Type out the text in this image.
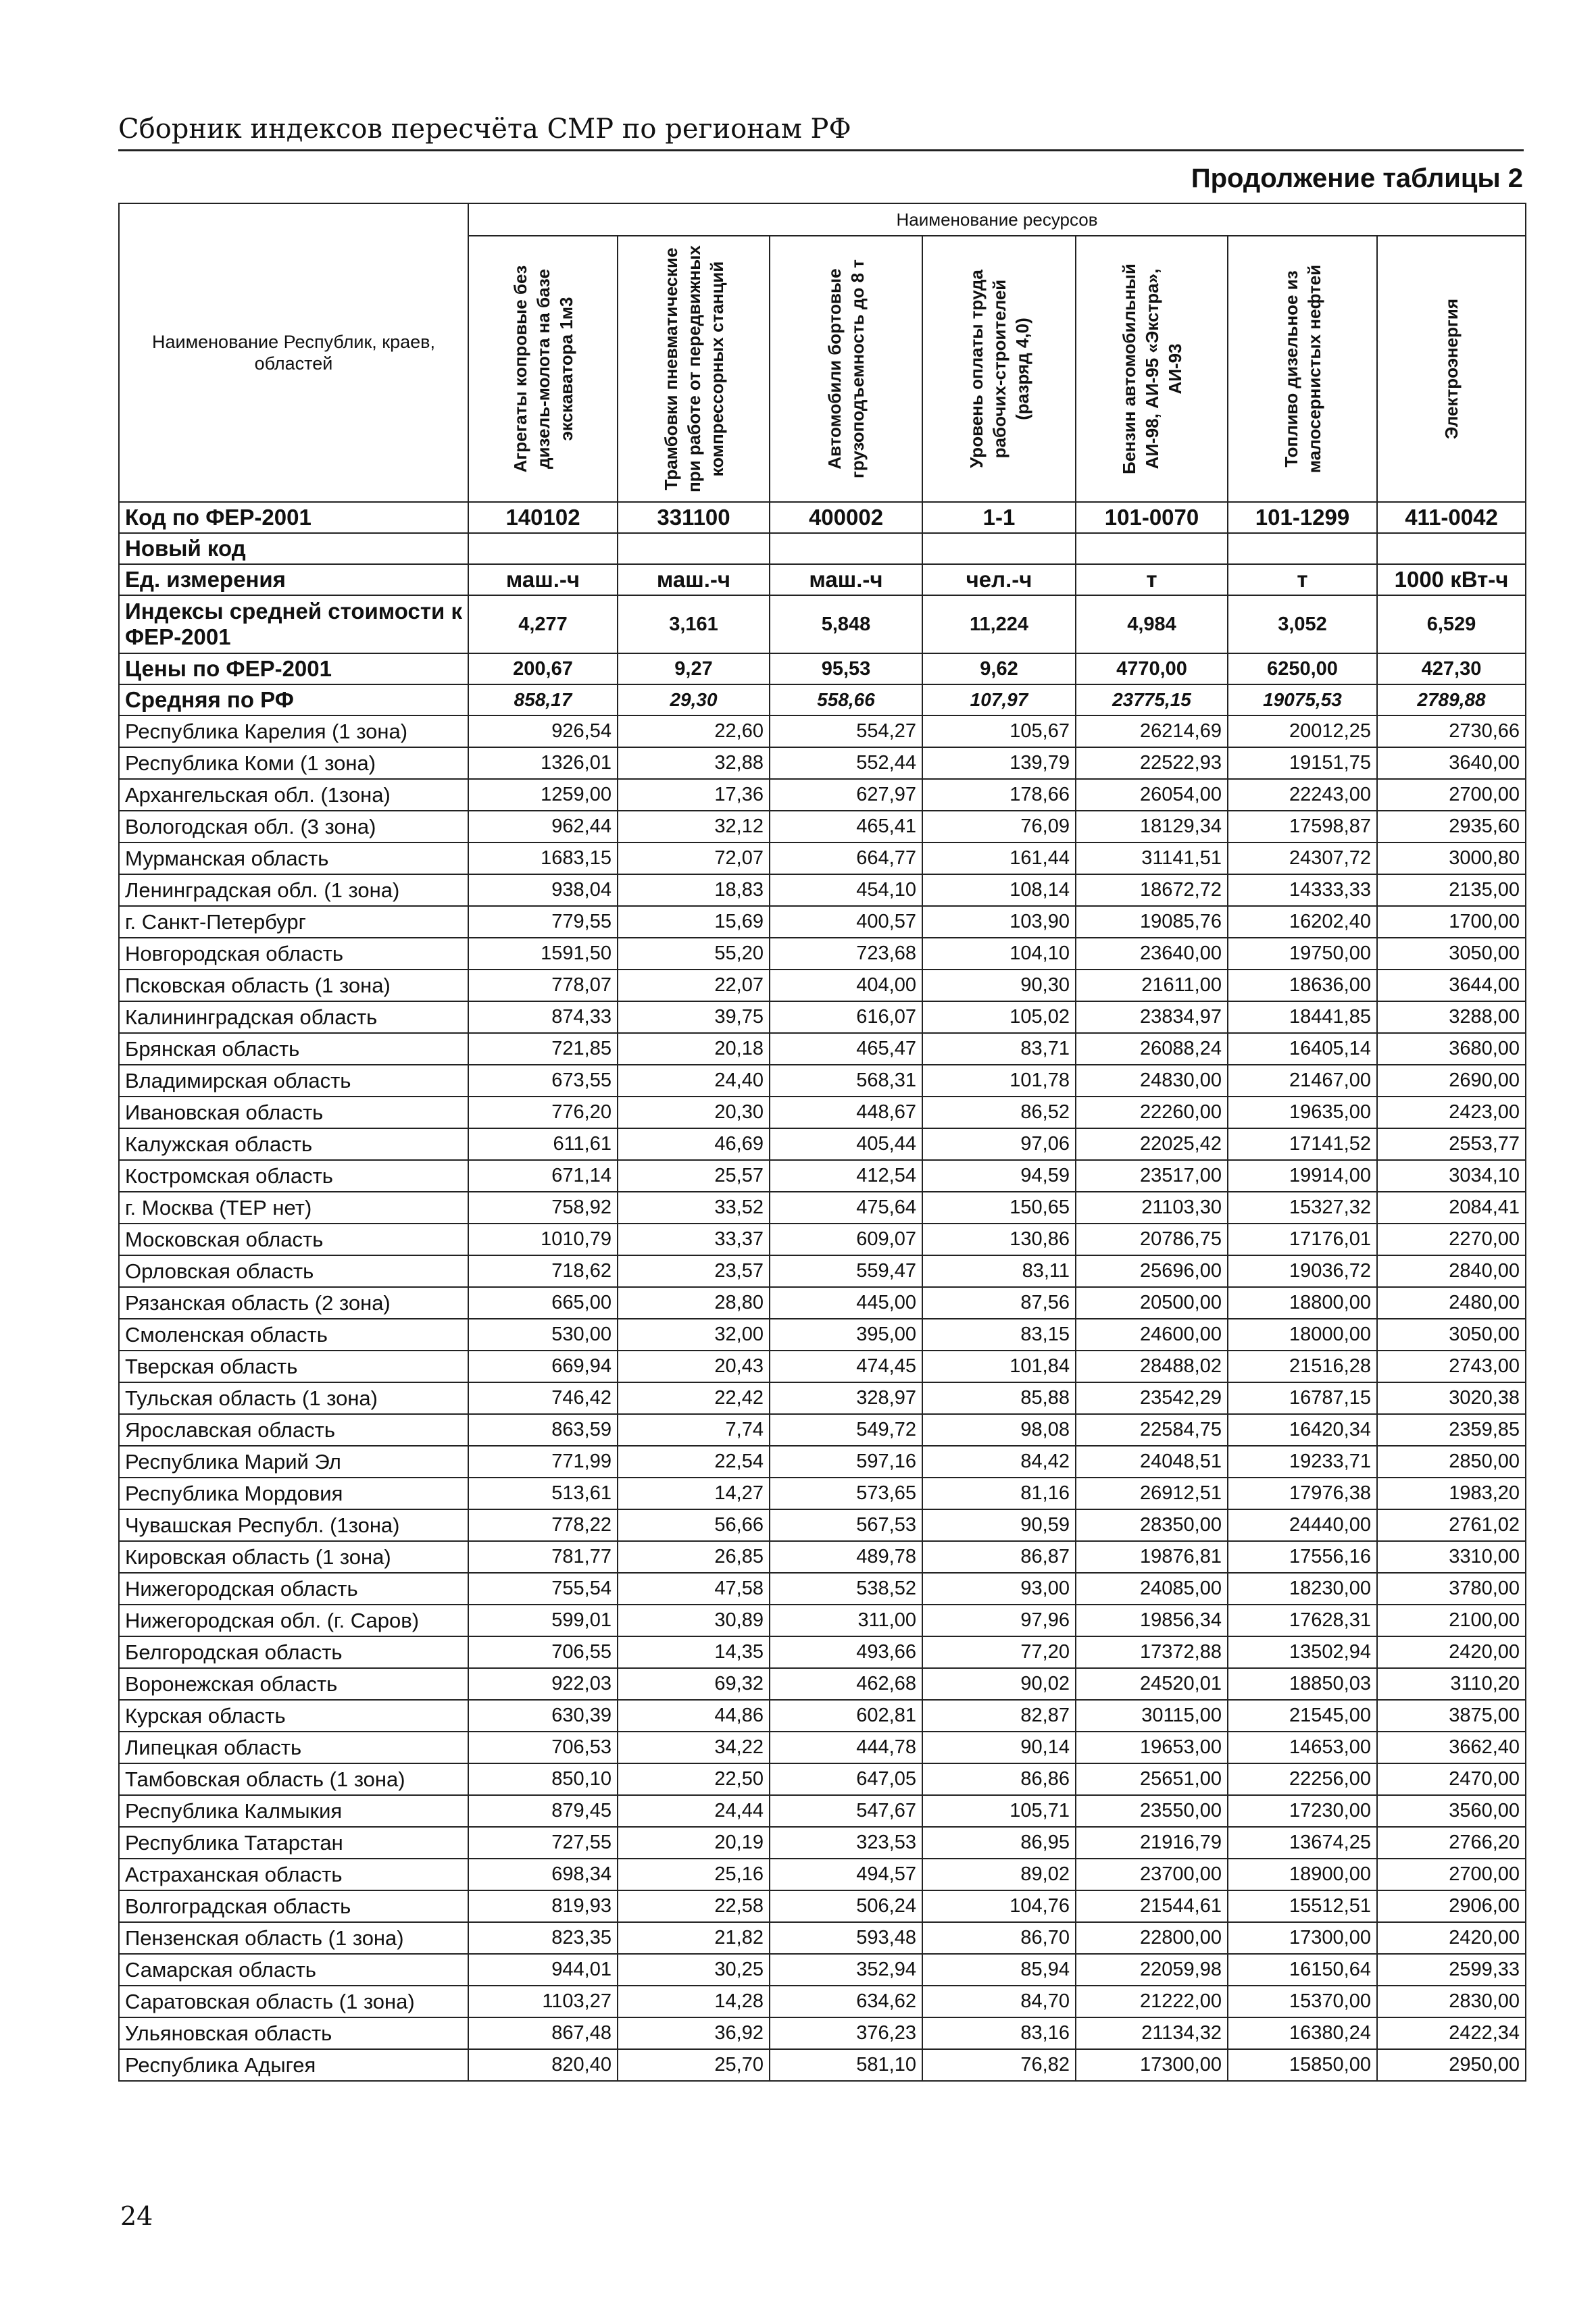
Сборник индексов пересчёта СМР по регионам РФ
Продолжение таблицы 2
Наименование Республик, краев, областей	Наименование ресурсов						

	Агрегаты копровые без дизель-молота на базе экскаватора 1м3	Трамбовки пневматические при работе от передвижных компрессорных станций	Автомобили бортовые грузоподъемность до 8 т	Уровень оплаты труда рабочих-строителей (разряд 4,0)	Бензин автомобильный АИ-98, АИ-95 «Экстра», АИ-93	Топливо дизельное из малосернистых нефтей	Электроэнергия

Код по ФЕР-2001	140102	331100	400002	1-1	101-0070	101-1299	411-0042
Новый код							
Ед. измерения	маш.-ч	маш.-ч	маш.-ч	чел.-ч	т	т	1000 кВт-ч
Индексы средней стоимости к ФЕР-2001	4,277	3,161	5,848	11,224	4,984	3,052	6,529
Цены по ФЕР-2001	200,67	9,27	95,53	9,62	4770,00	6250,00	427,30
Средняя по РФ	858,17	29,30	558,66	107,97	23775,15	19075,53	2789,88
Республика Карелия (1 зона)	926,54	22,60	554,27	105,67	26214,69	20012,25	2730,66
Республика Коми (1 зона)	1326,01	32,88	552,44	139,79	22522,93	19151,75	3640,00
Архангельская обл. (1зона)	1259,00	17,36	627,97	178,66	26054,00	22243,00	2700,00
Вологодская обл. (3 зона)	962,44	32,12	465,41	76,09	18129,34	17598,87	2935,60
Мурманская область	1683,15	72,07	664,77	161,44	31141,51	24307,72	3000,80
Ленинградская обл. (1 зона)	938,04	18,83	454,10	108,14	18672,72	14333,33	2135,00
г. Санкт-Петербург	779,55	15,69	400,57	103,90	19085,76	16202,40	1700,00
Новгородская область	1591,50	55,20	723,68	104,10	23640,00	19750,00	3050,00
Псковская область (1 зона)	778,07	22,07	404,00	90,30	21611,00	18636,00	3644,00
Калининградская область	874,33	39,75	616,07	105,02	23834,97	18441,85	3288,00
Брянская область	721,85	20,18	465,47	83,71	26088,24	16405,14	3680,00
Владимирская область	673,55	24,40	568,31	101,78	24830,00	21467,00	2690,00
Ивановская область	776,20	20,30	448,67	86,52	22260,00	19635,00	2423,00
Калужская область	611,61	46,69	405,44	97,06	22025,42	17141,52	2553,77
Костромская область	671,14	25,57	412,54	94,59	23517,00	19914,00	3034,10
г. Москва (ТЕР нет)	758,92	33,52	475,64	150,65	21103,30	15327,32	2084,41
Московская область	1010,79	33,37	609,07	130,86	20786,75	17176,01	2270,00
Орловская область	718,62	23,57	559,47	83,11	25696,00	19036,72	2840,00
Рязанская область (2 зона)	665,00	28,80	445,00	87,56	20500,00	18800,00	2480,00
Смоленская область	530,00	32,00	395,00	83,15	24600,00	18000,00	3050,00
Тверская область	669,94	20,43	474,45	101,84	28488,02	21516,28	2743,00
Тульская область (1 зона)	746,42	22,42	328,97	85,88	23542,29	16787,15	3020,38
Ярославская область	863,59	7,74	549,72	98,08	22584,75	16420,34	2359,85
Республика Марий Эл	771,99	22,54	597,16	84,42	24048,51	19233,71	2850,00
Республика Мордовия	513,61	14,27	573,65	81,16	26912,51	17976,38	1983,20
Чувашская Республ. (1зона)	778,22	56,66	567,53	90,59	28350,00	24440,00	2761,02
Кировская область (1 зона)	781,77	26,85	489,78	86,87	19876,81	17556,16	3310,00
Нижегородская область	755,54	47,58	538,52	93,00	24085,00	18230,00	3780,00
Нижегородская обл. (г. Саров)	599,01	30,89	311,00	97,96	19856,34	17628,31	2100,00
Белгородская область	706,55	14,35	493,66	77,20	17372,88	13502,94	2420,00
Воронежская область	922,03	69,32	462,68	90,02	24520,01	18850,03	3110,20
Курская область	630,39	44,86	602,81	82,87	30115,00	21545,00	3875,00
Липецкая область	706,53	34,22	444,78	90,14	19653,00	14653,00	3662,40
Тамбовская область (1 зона)	850,10	22,50	647,05	86,86	25651,00	22256,00	2470,00
Республика Калмыкия	879,45	24,44	547,67	105,71	23550,00	17230,00	3560,00
Республика Татарстан	727,55	20,19	323,53	86,95	21916,79	13674,25	2766,20
Астраханская область	698,34	25,16	494,57	89,02	23700,00	18900,00	2700,00
Волгоградская область	819,93	22,58	506,24	104,76	21544,61	15512,51	2906,00
Пензенская область (1 зона)	823,35	21,82	593,48	86,70	22800,00	17300,00	2420,00
Самарская область	944,01	30,25	352,94	85,94	22059,98	16150,64	2599,33
Саратовская область (1 зона)	1103,27	14,28	634,62	84,70	21222,00	15370,00	2830,00
Ульяновская область	867,48	36,92	376,23	83,16	21134,32	16380,24	2422,34
Республика Адыгея	820,40	25,70	581,10	76,82	17300,00	15850,00	2950,00
24
